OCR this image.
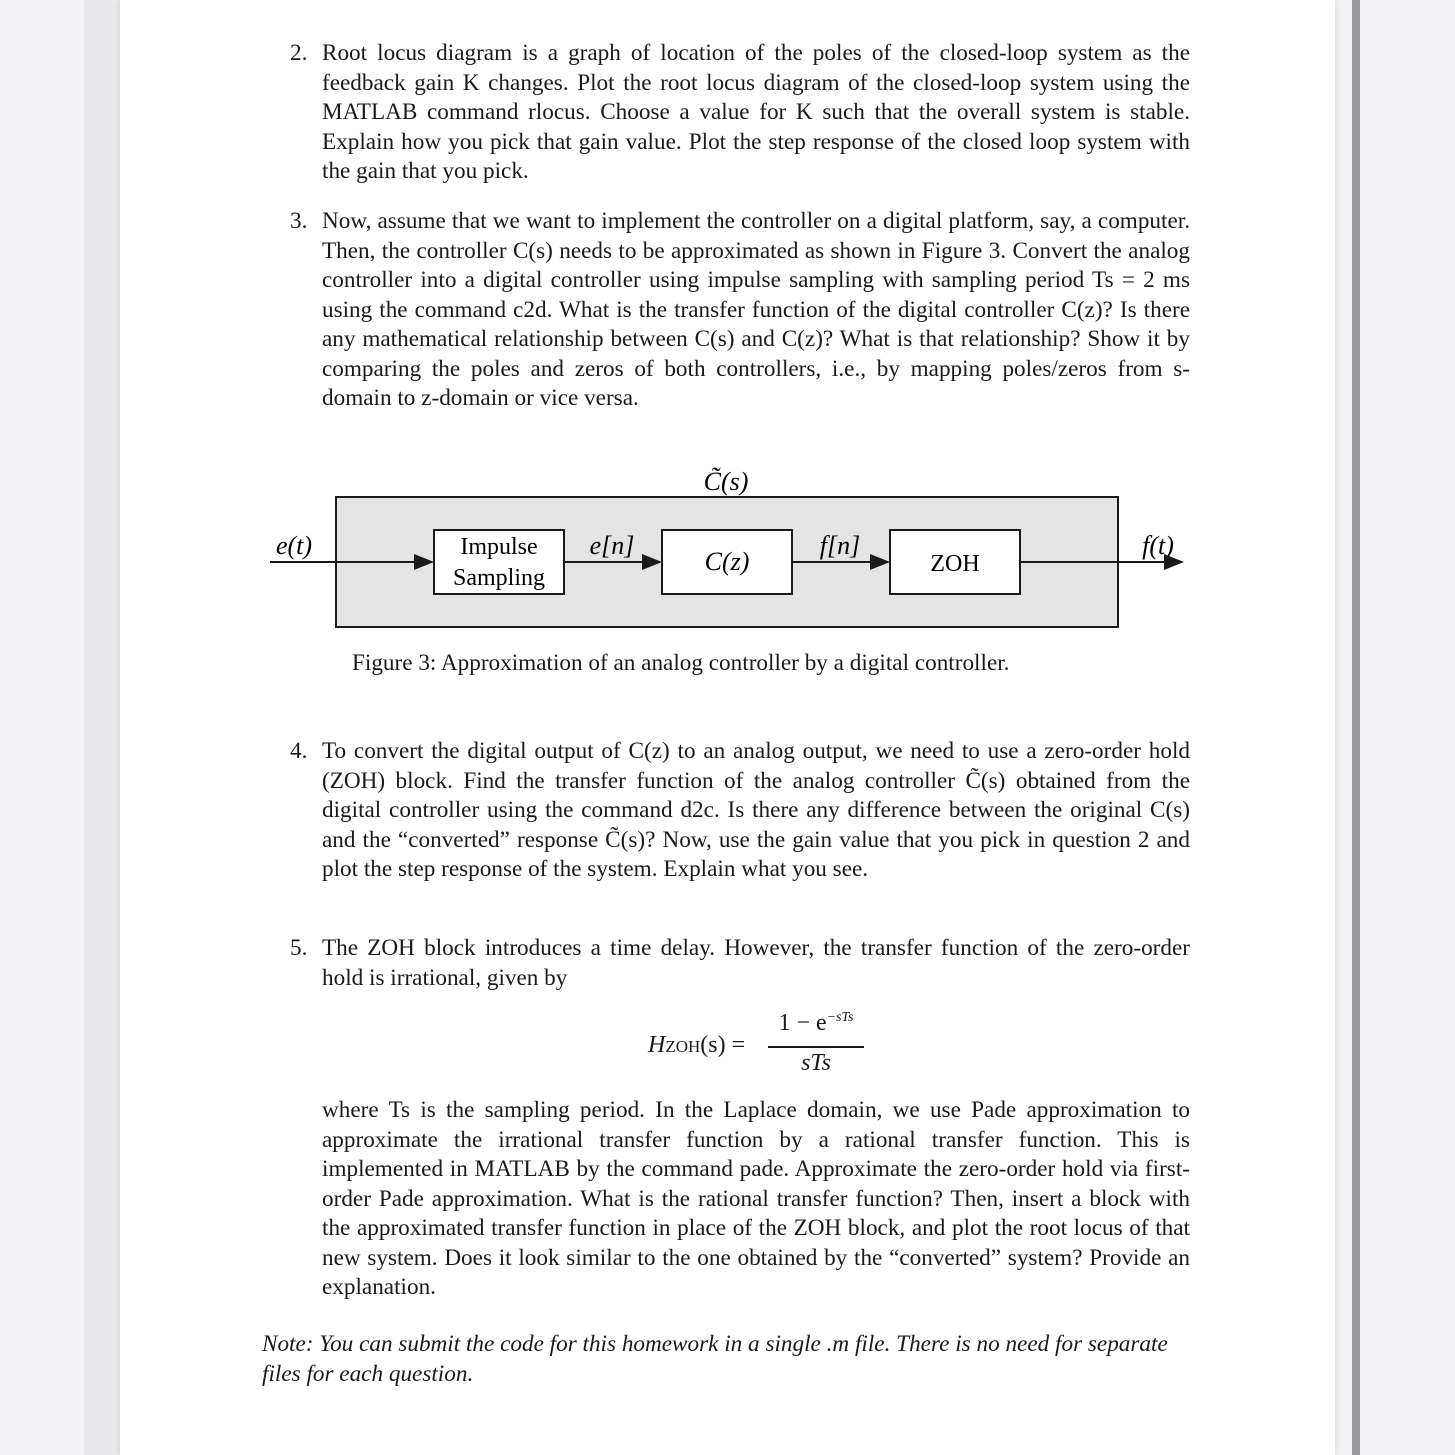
2. Root locus diagram is a graph of location of the poles of the closed-loop system as the feedback gain K changes. Plot the root locus diagram of the closed-loop system using the MATLAB command rlocus. Choose a value for K such that the overall system is stable. Explain how you pick that gain value. Plot the step response of the closed loop system with the gain that you pick.
3. Now, assume that we want to implement the controller on a digital platform, say, a computer. Then, the controller C(s) needs to be approximated as shown in Figure 3. Convert the analog controller into a digital controller using impulse sampling with sampling period Ts = 2 ms using the command c2d. What is the transfer function of the digital controller C(z)? Is there any mathematical relationship between C(s) and C(z)? What is that relationship? Show it by comparing the poles and zeros of both controllers, i.e., by mapping poles/zeros from s-domain to z-domain or vice versa.
C̃(s)
e(t)	Impulse
Sampling
e[n]
C(z)
f[n]
ZOH
f(t)
Figure 3: Approximation of an analog controller by a digital controller.
4. To convert the digital output of C(z) to an analog output, we need to use a zero-order hold (ZOH) block. Find the transfer function of the analog controller C̃(s) obtained from the digital controller using the command d2c. Is there any difference between the original C(s) and the “converted” response C̃(s)? Now, use the gain value that you pick in question 2 and plot the step response of the system. Explain what you see.
5. The ZOH block introduces a time delay. However, the transfer function of the zero-order hold is irrational, given by
HZOH(s) =
$1 - e^{-sTs}$
sTs
where Ts is the sampling period. In the Laplace domain, we use Pade approximation to approximate the irrational transfer function by a rational transfer function. This is implemented in MATLAB by the command pade. Approximate the zero-order hold via first-order Pade approximation. What is the rational transfer function? Then, insert a block with the approximated transfer function in place of the ZOH block, and plot the root locus of that new system. Does it look similar to the one obtained by the “converted” system? Provide an explanation.
Note: You can submit the code for this homework in a single .m file. There is no need for separate files for each question.
